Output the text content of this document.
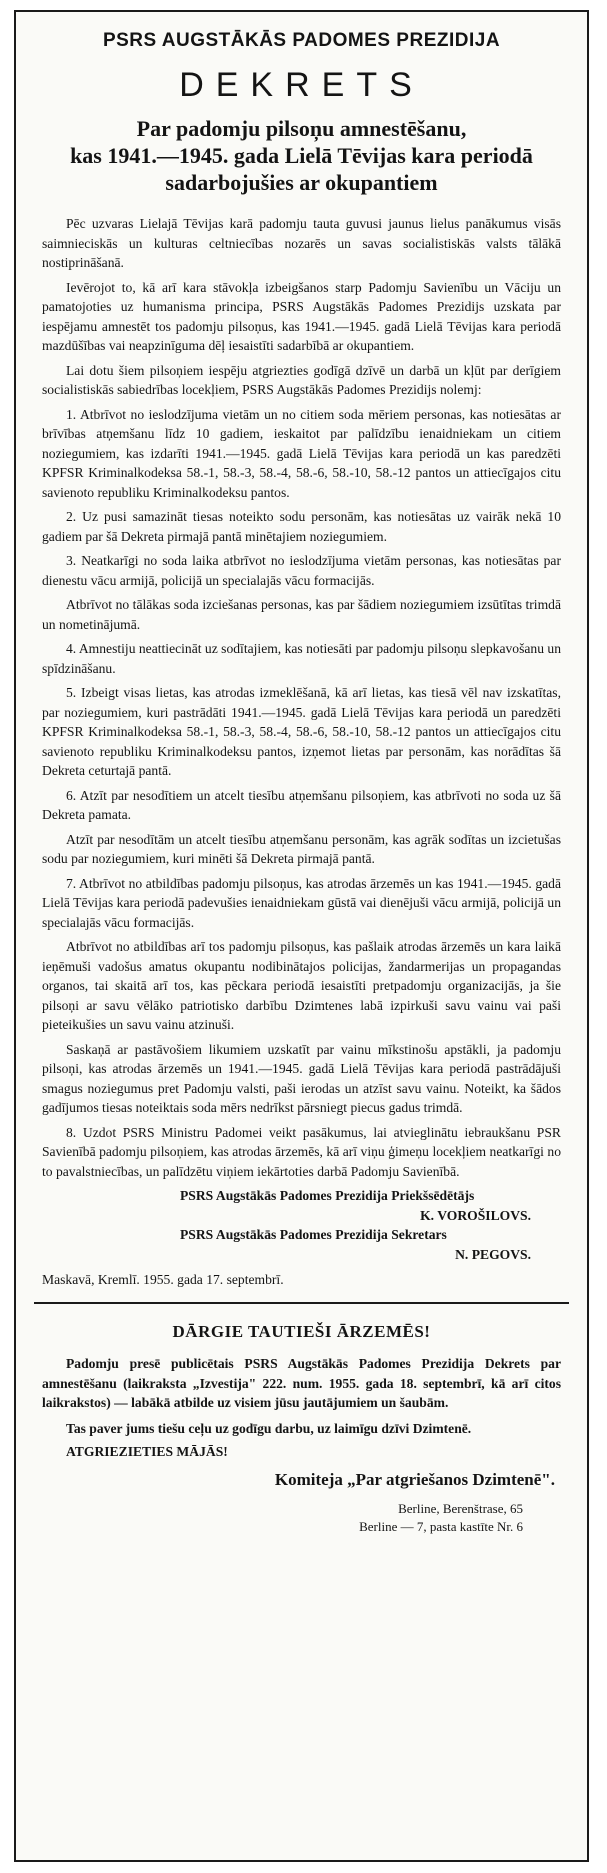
PSRS AUGSTĀKĀS PADOMES PREZIDIJA
DEKRETS
Par padomju pilsoņu amnestēšanu,
kas 1941.—1945. gada Lielā Tēvijas kara periodā
sadarbojušies ar okupantiem

Pēc uzvaras Lielajā Tēvijas karā padomju tauta guvusi jaunus lielus panākumus visās saimnieciskās un kulturas celtniecības nozarēs un savas socialistiskās valsts tālākā nostiprināšanā.

Ievērojot to, kā arī kara stāvokļa izbeigšanos starp Padomju Savienību un Vāciju un pamatojoties uz humanisma principa, PSRS Augstākās Padomes Prezidijs uzskata par iespējamu amnestēt tos padomju pilsoņus, kas 1941.—1945. gadā Lielā Tēvijas kara periodā mazdūšības vai neapzinīguma dēļ iesaistīti sadarbībā ar okupantiem.

Lai dotu šiem pilsoņiem iespēju atgriezties godīgā dzīvē un darbā un kļūt par derīgiem socialistiskās sabiedrības locekļiem, PSRS Augstākās Padomes Prezidijs nolemj:

1. Atbrīvot no ieslodzījuma vietām un no citiem soda mēriem personas, kas notiesātas ar brīvības atņemšanu līdz 10 gadiem, ieskaitot par palīdzību ienaidniekam un citiem noziegumiem, kas izdarīti 1941.—1945. gadā Lielā Tēvijas kara periodā un kas paredzēti KPFSR Kriminalkodeksa 58.-1, 58.-3, 58.-4, 58.-6, 58.-10, 58.-12 pantos un attiecīgajos citu savienoto republiku Kriminalkodeksu pantos.

2. Uz pusi samazināt tiesas noteikto sodu personām, kas notiesātas uz vairāk nekā 10 gadiem par šā Dekreta pirmajā pantā minētajiem noziegumiem.

3. Neatkarīgi no soda laika atbrīvot no ieslodzījuma vietām personas, kas notiesātas par dienestu vācu armijā, policijā un specialajās vācu formacijās.

Atbrīvot no tālākas soda izciešanas personas, kas par šādiem noziegumiem izsūtītas trimdā un nometinājumā.

4. Amnestiju neattiecināt uz sodītajiem, kas notiesāti par padomju pilsoņu slepkavošanu un spīdzināšanu.

5. Izbeigt visas lietas, kas atrodas izmeklēšanā, kā arī lietas, kas tiesā vēl nav izskatītas, par noziegumiem, kuri pastrādāti 1941.—1945. gadā Lielā Tēvijas kara periodā un paredzēti KPFSR Kriminalkodeksa 58.-1, 58.-3, 58.-4, 58.-6, 58.-10, 58.-12 pantos un attiecīgajos citu savienoto republiku Kriminalkodeksu pantos, izņemot lietas par personām, kas norādītas šā Dekreta ceturtajā pantā.

6. Atzīt par nesodītiem un atcelt tiesību atņemšanu pilsoņiem, kas atbrīvoti no soda uz šā Dekreta pamata.

Atzīt par nesodītām un atcelt tiesību atņemšanu personām, kas agrāk sodītas un izcietušas sodu par noziegumiem, kuri minēti šā Dekreta pirmajā pantā.

7. Atbrīvot no atbildības padomju pilsoņus, kas atrodas ārzemēs un kas 1941.—1945. gadā Lielā Tēvijas kara periodā padevušies ienaidniekam gūstā vai dienējuši vācu armijā, policijā un specialajās vācu formacijās.

Atbrīvot no atbildības arī tos padomju pilsoņus, kas pašlaik atrodas ārzemēs un kara laikā ieņēmuši vadošus amatus okupantu nodibinātajos policijas, žandarmerijas un propagandas organos, tai skaitā arī tos, kas pēckara periodā iesaistīti pretpadomju organizacijās, ja šie pilsoņi ar savu vēlāko patriotisko darbību Dzimtenes labā izpirkuši savu vainu vai paši pieteikušies un savu vainu atzinuši.

Saskaņā ar pastāvošiem likumiem uzskatīt par vainu mīkstinošu apstākli, ja padomju pilsoņi, kas atrodas ārzemēs un 1941.—1945. gadā Lielā Tēvijas kara periodā pastrādājuši smagus noziegumus pret Padomju valsti, paši ierodas un atzīst savu vainu. Noteikt, ka šādos gadījumos tiesas noteiktais soda mērs nedrīkst pārsniegt piecus gadus trimdā.

8. Uzdot PSRS Ministru Padomei veikt pasākumus, lai atvieglinātu iebraukšanu PSR Savienībā padomju pilsoņiem, kas atrodas ārzemēs, kā arī viņu ģimeņu locekļiem neatkarīgi no to pavalstniecības, un palīdzētu viņiem iekārtoties darbā Padomju Savienībā.

PSRS Augstākās Padomes Prezidija Priekšsēdētājs
K. VOROŠILOVS.
PSRS Augstākās Padomes Prezidija Sekretars
N. PEGOVS.
Maskavā, Kremlī. 1955. gada 17. septembrī.
DĀRGIE TAUTIEŠI ĀRZEMĒS!

Padomju presē publicētais PSRS Augstākās Padomes Prezidija Dekrets par amnestēšanu (laikraksta „Izvestija" 222. num. 1955. gada 18. septembrī, kā arī citos laikrakstos) — labākā atbilde uz visiem jūsu jautājumiem un šaubām.

Tas paver jums tiešu ceļu uz godīgu darbu, uz laimīgu dzīvi Dzimtenē.

ATGRIEZIETIES MĀJĀS!
Komiteja „Par atgriešanos Dzimtenē".
Berline, Berenštrase, 65
Berline — 7, pasta kastīte Nr. 6
